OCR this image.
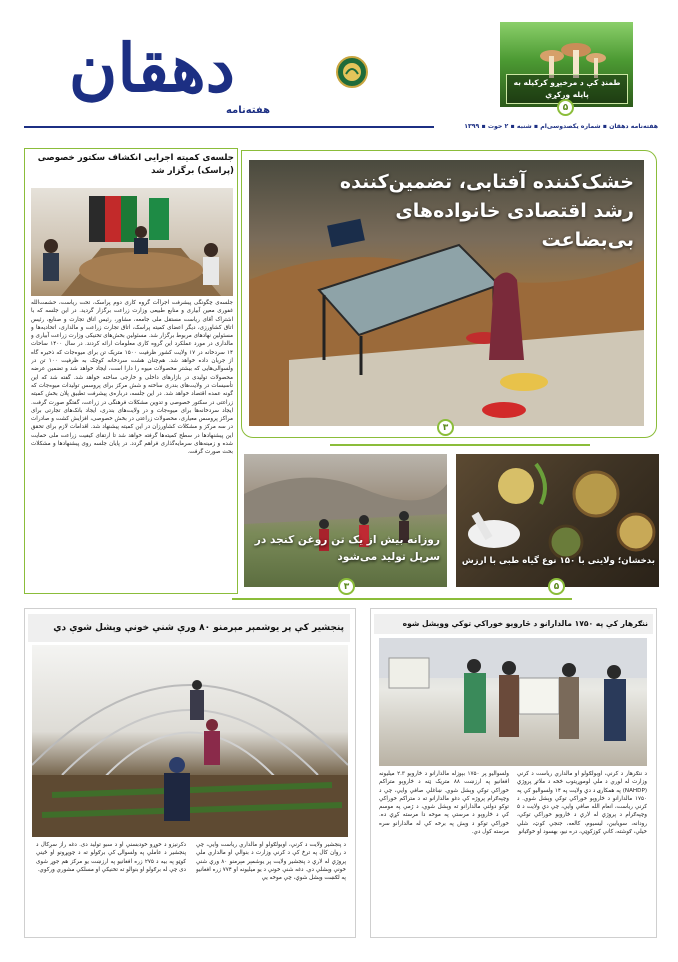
طمنډ کې د مرخېړو کرکیله به پایله ورکړي
۵
دهقان
هفته‌نامه
هفته‌نامه دهقان ▪ شماره یکصدوسی‌ام ▪ شنبه ▪ ۲ حوت ▪ ۱۳۹۹
جلسه‌ی کمیته اجرایی انکشاف سکتور خصوصی (پراسک) برگزار شد
جلسه‌ی چگونگی پیشرفت اجراآت گروه کاری دوم پراسک، تحت ریاست، حشمت‌الله غفوری معین آبیاری و منابع طبیعی وزارت زراعت برگزار گردید. در این جلسه که با اشتراک آقای ریاست مستقل ملی جامعه، مشاور، رئیس اتاق تجارت و صنایع، رئیس اتاق کشاورزی، دیگر اعضای کمیته پراسک، اتاق تجارت زراعت و مالداری، اتحادیه‌ها و مسئولین نهادهای مربوط برگزار شد. مسئولین بخش‌های تخنیکی وزارت زراعت آبیاری و مالداری در مورد عملکرد این گروه کاری معلومات ارائه کردند. در سال ۱۴۰۰ ساحات ۱۴ سردخانه در ۱۷ ولایت کشور ظرفیت ۱۵۰۰ متریک تن برای میوه‌جات که ‌ذخیره ‌گاه از جریان داده خواهد شد. هم‌چنان هشت سردخانه کوچک به ظرفیت ۱۰۰ تن در ولسوالی‌هایی که بیشتر محصولات میوه را دارا است، ایجاد خواهد شد و تضمین عرضه محصولات تولیدی در بازار‌های داخلی و خارجی ساخته خواهد شد. گفته شد که این تأسیسات در ولایت‌های بندری ساخته و شش مرکز برای پروسس تولیدات میوه‌جات که گونه عمده اقتصاد خواهد شد. در این جلسه، درباره‌ی پیشرفت تطبیق پلان بخش کمیته زراعتی در سکتور خصوصی و تدوین مشکلات فرهنگی در زراعت، گفتگو صورت گرفت. ایجاد سردخانه‌ها برای میوه‌جات و در ولایت‌های بندری، ایجاد بانک‌های تجارتی برای مراکز پروسس معیاری، محصولات زراعتی در بخش خصوصی، افزایش کشت و صادرات در سه مرکز و مشکلات کشاورزان در این کمیته پیشنهاد شد. اقدامات لازم برای تحقق این پیشنهادها در سطح کمیته‌ها گرفته خواهد شد تا ارتقای کیفیت زراعت ملی حمایت شده و زمینه‌های سرمایه‌گذاری فراهم گردد. در پایان جلسه روی پیشنهاد‌ها و مشکلات بحث صورت گرفت.
خشک‌کننده آفتابی، تضمین‌کننده رشد اقتصادی خانواده‌های بی‌بضاعت
۳
روزانه بیش از یک تن روغن کنجد در سرپل تولید می‌شود
۳
بدخشان؛ ولایتی با ۱۵۰ نوع گیاه طبی با ارزش
۵
پنجشیر کې پر یوشمېر مېرمنو ۸۰ ورې شنې خونې وېشل شوې دي
د پنجشیر ولایت د کرنې، اوبولګولو او مالداري ریاست وایي، چې د روان کال په ترڅ کې د کرنې وزارت د بنوالي او مالداري ملي پروژې له لارې د پنجشیر ولایت پر یوشمېر مېرمنو ۸۰ ورې شنې خونې وېشلې دي. دغه شنې خونې د یو میلیونه او ۷۷۴ زره افغانیو په لګښت وېشل شوې، چې موخه یې
دکرنیزو د خوړو خودبسنې او د سبو تولید دی. دغه راز سږکال د پنجشیر د عاملي په ولسوالۍ کې برګولو ته د چوپړونو او ځینې کوټو په بیه د ۲۷۵ زره افغانیو په ارزښت یو مرکز هم جوړ شوی دی چې له برګولو او بنوالو ته تخنیکي او مسلکي مشوري ورکوي.
ننګرهار کې په ۱۷۵۰ مالدارانو د څاروېو خوراکي توکي ووېشل شوه
د ننګرهار د کرنې، اوبولګولو او مالداري ریاست د کرنې وزارت له لوري د ملي لوموړیتوب څخه د ملاتړ پروژې (NAHDP) په همکارۍ د دې ولایت په ۱۴ ولسوالیو کې په ۱۷۵۰ مالدارانو د څاروېو خوراکي توکي وېشل شوي. د کرنې ریاست، انعام الله صافي وایي، چې دې ولایت د ۵ وچپه‌ګرام د پروژې له لارې د څاروېو خوراکي توکي، رودانه، سویابین، لیسیوم، کالعه، جنجي کوټ، شلي خیلي، ګوشته، کانې کوزکوټې، دره نیو، بهسود او خوګیانو
ولسوالیو پر ۱۷۵۰ بېوزله مالدارانو د څاروېو ۲.۳ میلیونه افغانیو په ارزښت ۸۸ متریک ټنه د څاروېو متراکم خوراکي توکي وېشل شوي. ښاغلي صافي وایي، چې د وچپه‌ګرام پروژه کې دغو مالدارانو ته د متراکم خوراکي توکو دولتي مالدارانو ته وېشل شوي، د ژمي په موسم کې د څاروېو د مرستې په موخه دا مرسته کړې ده. خوراکي توکو د وېش په برخه کې له مالدارانو سره مرسته کول دي.
